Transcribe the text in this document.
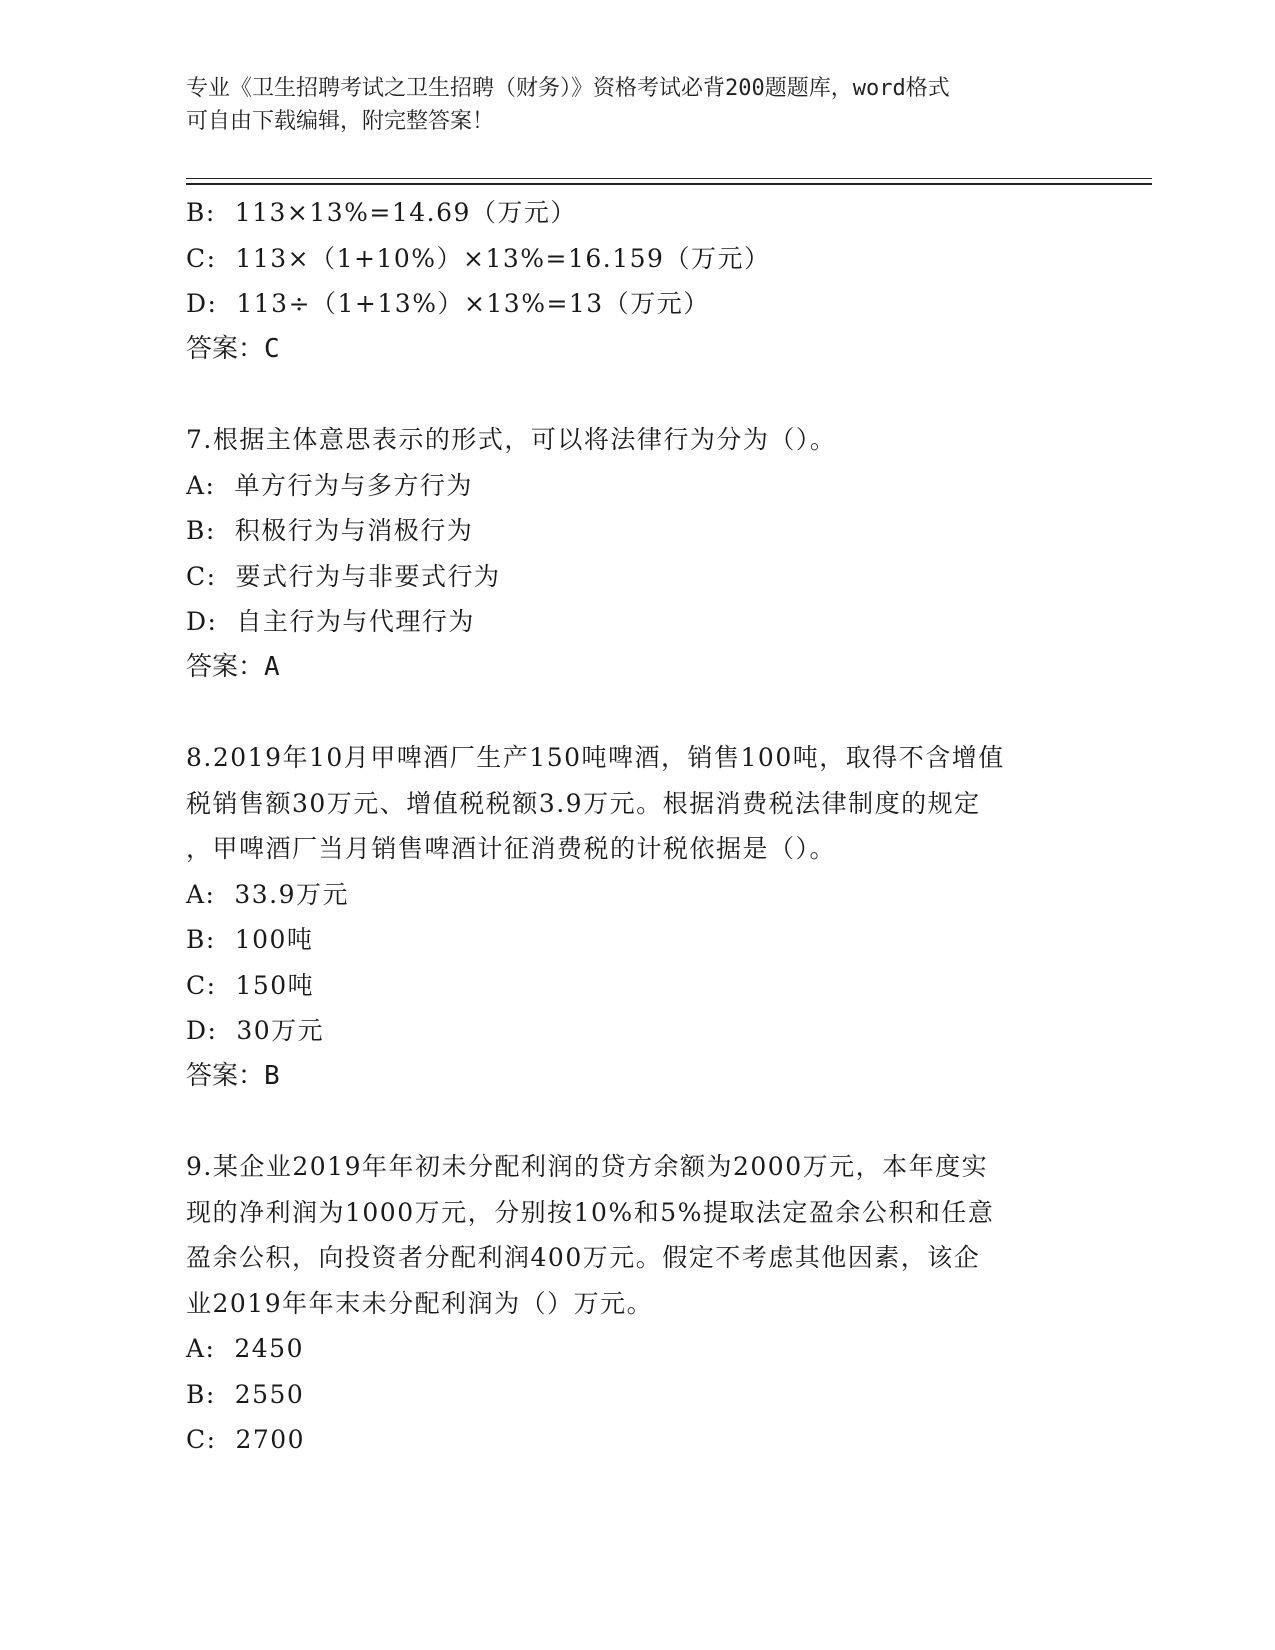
专业《卫生招聘考试之卫生招聘（财务）》资格考试必背200题题库，word格式
可自由下载编辑，附完整答案！
B:  113×13%=14.69（万元）
C:  113×（1+10%）×13%=16.159（万元）
D:  113÷（1+13%）×13%=13（万元）
答案：C
7.根据主体意思表示的形式，可以将法律行为分为（）。
A:  单方行为与多方行为
B:  积极行为与消极行为
C:  要式行为与非要式行为
D:  自主行为与代理行为
答案：A
8.2019年10月甲啤酒厂生产150吨啤酒，销售100吨，取得不含增值
税销售额30万元、增值税税额3.9万元。根据消费税法律制度的规定
，甲啤酒厂当月销售啤酒计征消费税的计税依据是（）。
A:  33.9万元
B:  100吨
C:  150吨
D:  30万元
答案：B
9.某企业2019年年初未分配利润的贷方余额为2000万元，本年度实
现的净利润为1000万元，分别按10%和5%提取法定盈余公积和任意
盈余公积，向投资者分配利润400万元。假定不考虑其他因素，该企
业2019年年末未分配利润为（）万元。
A:  2450
B:  2550
C:  2700
